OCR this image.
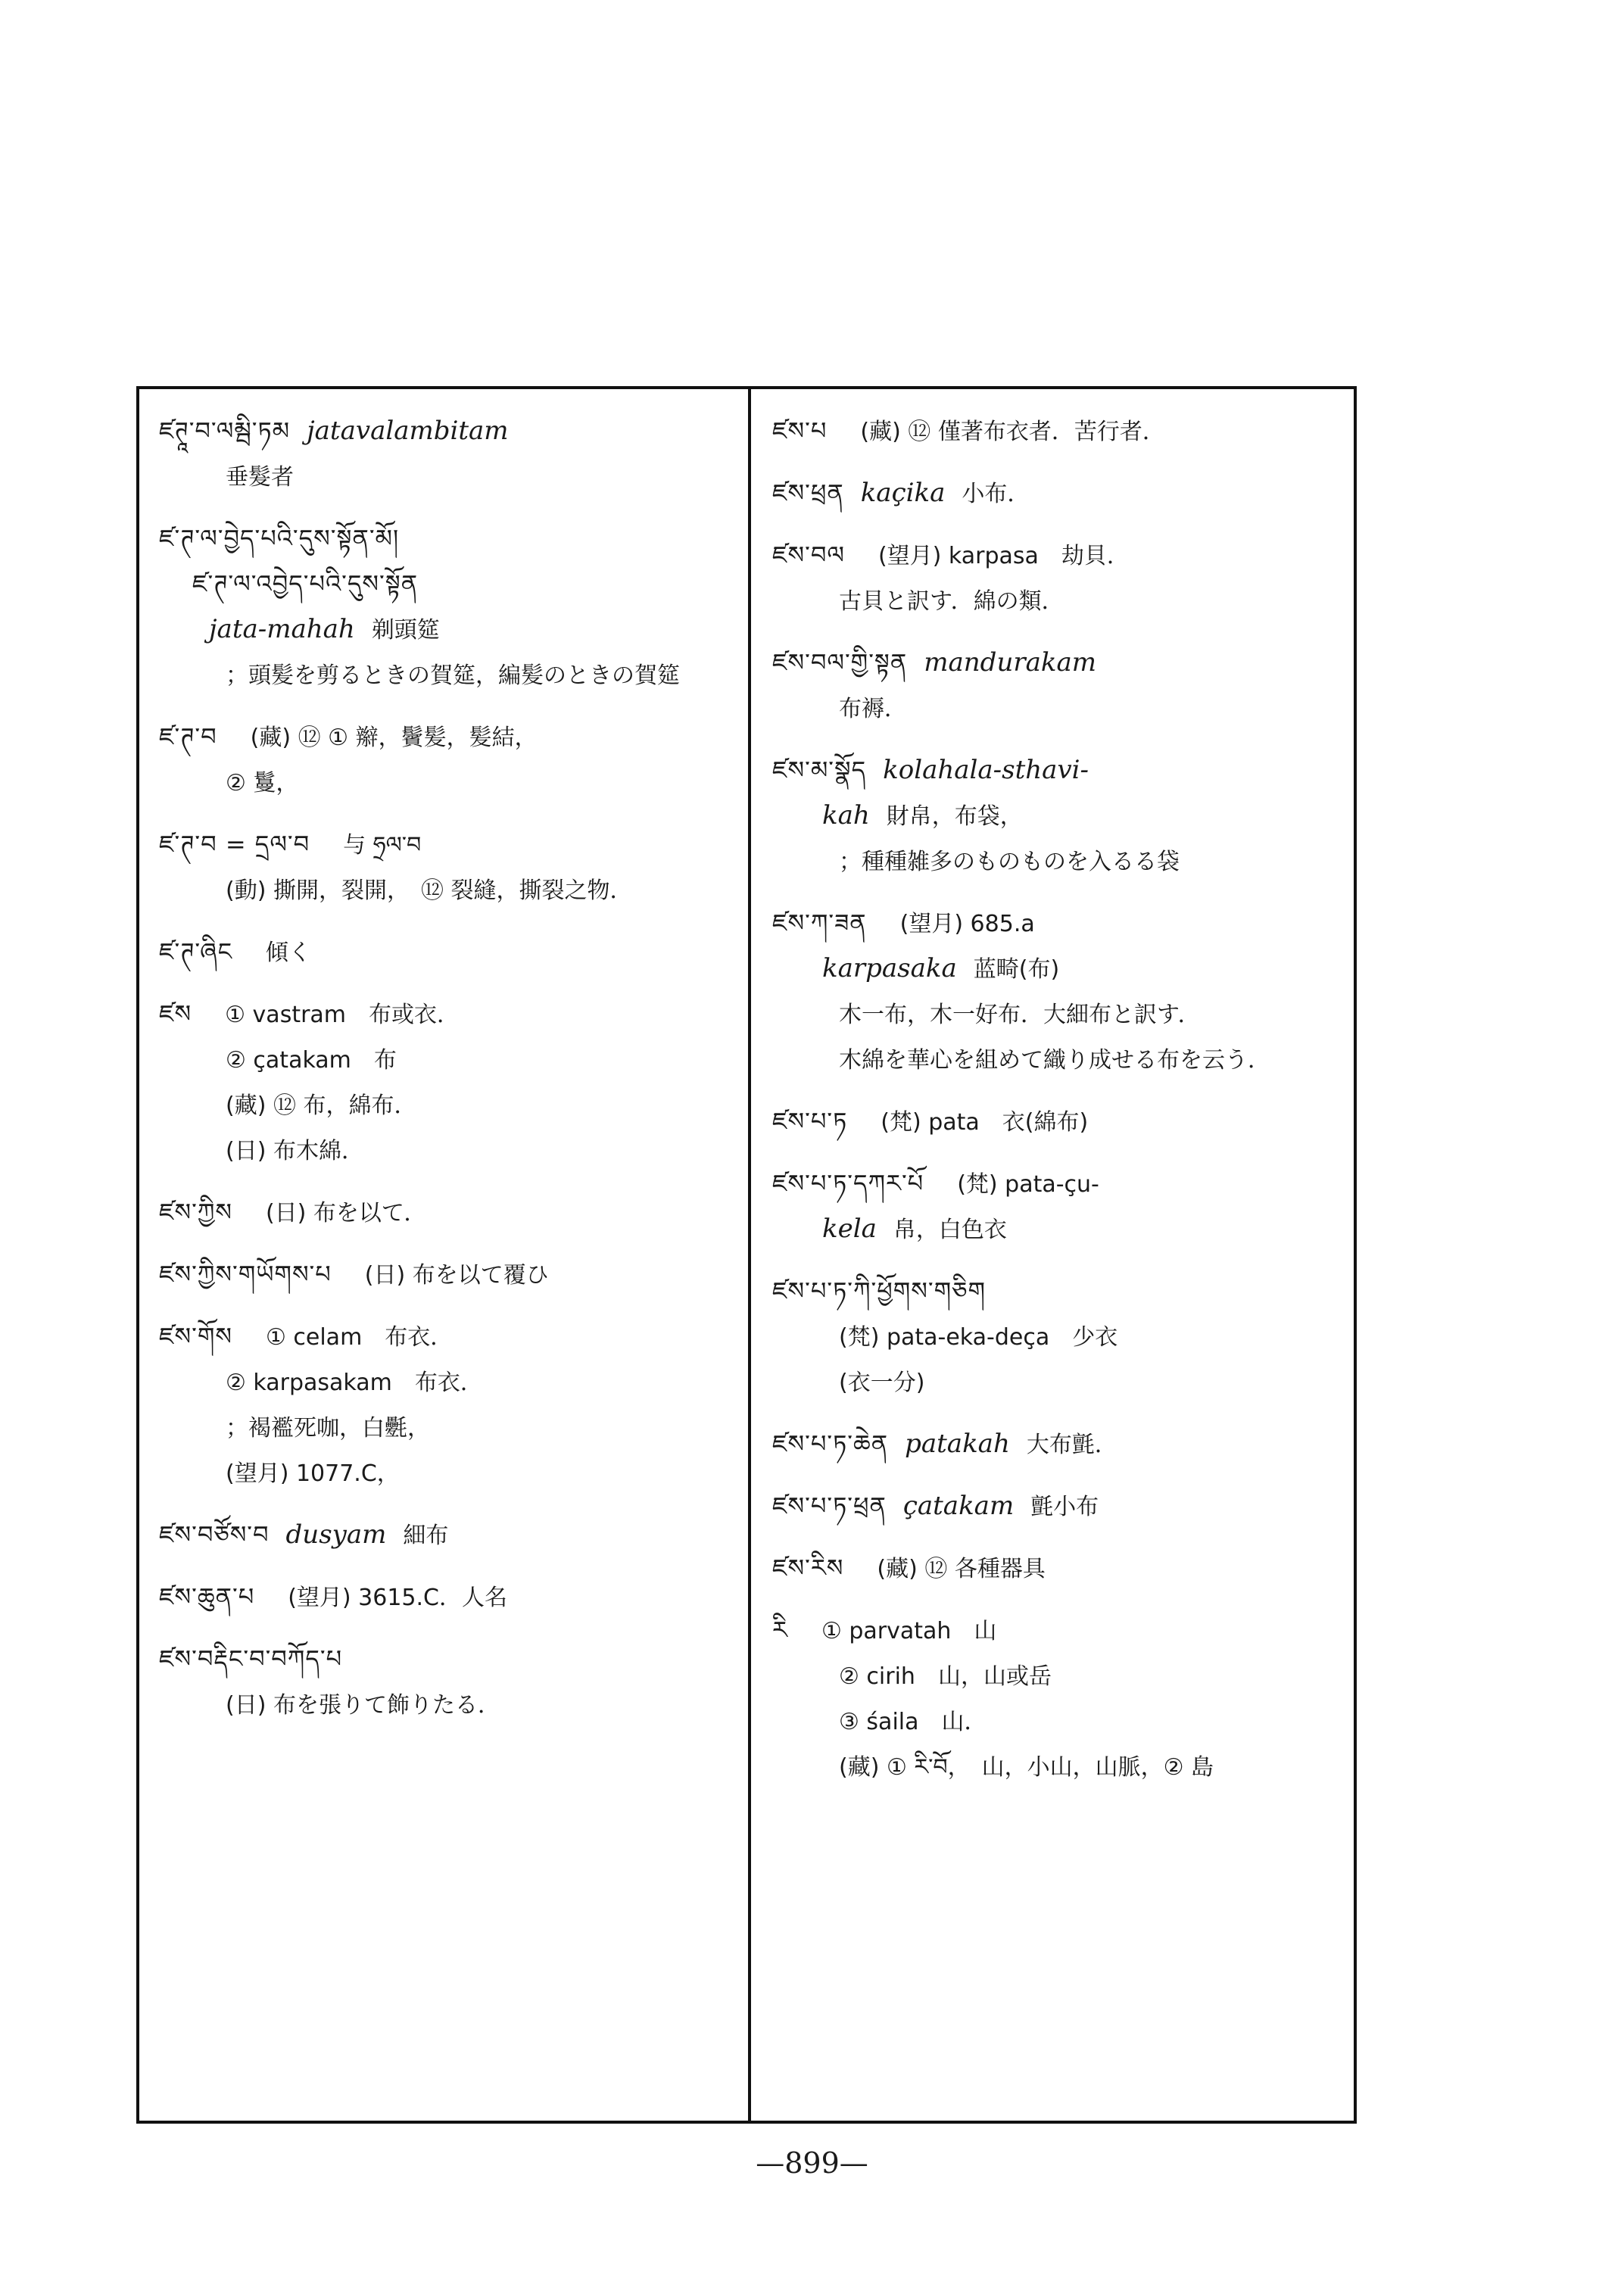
ཛཊཱ་བ་ལམྦི་ཏམ jatavalambitam
垂髮者
ཛ་ཊ་ལ་བྱེད་པའི་དུས་སྟོན་མོ།
ཛ་ཊ་ལ་འབྱེད་པའི་དུས་སྟོན
jata-mahah 剃頭筵
；頭髪を剪るときの賀筵，編髪のときの賀筵
ཛ་ཊ་བ (藏) ⑫ ① 辮，鬢髪，髪結，
② 鬘，
ཛ་ཊ་བ = དྲལ་བ 与 ཧྲལ་བ
(動) 撕開，裂開，　⑫ 裂縫，撕裂之物．
ཛ་ཊ་ཞིང 傾く
ཛས ① vastram　布或衣．
② çatakam　布
(藏) ⑫ 布，綿布．
(日) 布木綿．
ཛས་ཀྱིས (日) 布を以て．
ཛས་ཀྱིས་གཡོགས་པ (日) 布を以て覆ひ
ཛས་གོས ① celam　布衣．
② karpasakam　布衣．
；褐襤死咖，白氎，
(望月) 1077.C，
ཛས་བཙོས་བ dusyam 細布
ཛས་ཆུན་པ (望月) 3615.C．人名
ཛས་བརྡིང་བ་བཀོད་པ
(日) 布を張りて飾りたる．
ཛས་པ (藏) ⑫ 僅著布衣者．苦行者．
ཛས་ཕྲན kaçika 小布．
ཛས་བལ (望月) karpasa　劫貝．
古貝と訳す．綿の類．
ཛས་བལ་གྱི་སྟན mandurakam
布褥．
ཛས་མ་སྣོད kolahala-sthavi-
kah 財帛，布袋，
；種種雑多のものものを入るる袋
ཛས་ཀ་ཟན (望月) 685.a
karpasaka 蓝畸(布)
木一布，木一好布．大細布と訳す．
木綿を華心を組めて織り成せる布を云う．
ཛས་པ་ཏ (梵) pata　衣(綿布)
ཛས་པ་ཏ་དཀར་པོ (梵) pata-çu-
kela 帛，白色衣
ཛས་པ་ཏ་ཀི་ཕྱོགས་གཅིག
(梵) pata-eka-deça　少衣
(衣一分)
ཛས་པ་ཏ་ཆེན patakah 大布氈．
ཛས་པ་ཏ་ཕྲན çatakam 氈小布
ཛས་རིས (藏) ⑫ 各種器具
རི ① parvatah　山
② cirih　山，山或岳
③ śaila　山．
(藏) ① རི་བོ，　山，小山，山脈，② 島
—899—
